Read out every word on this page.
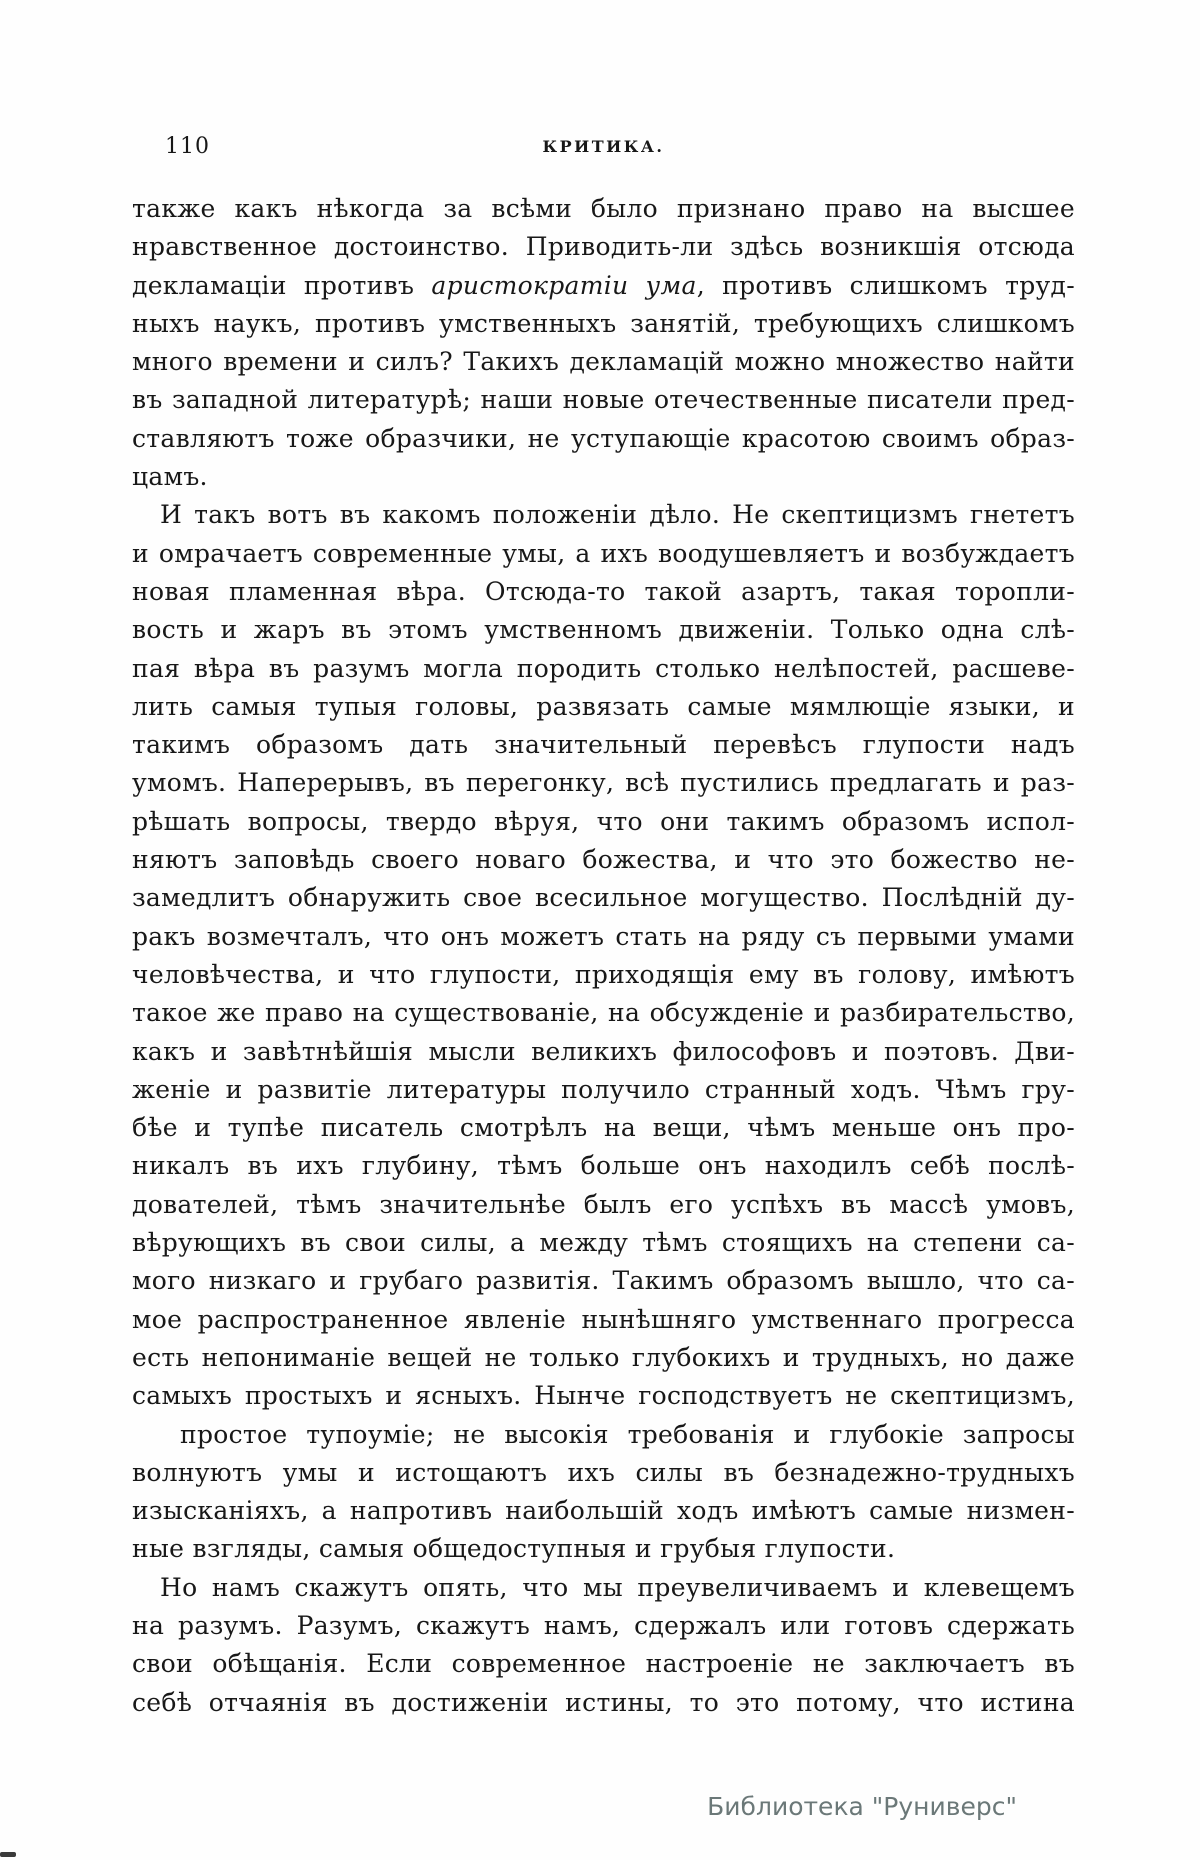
110	КРИТИКА.
также какъ нѣкогда за всѣми было признано право на высшее
нравственное достоинство. Приводить-ли здѣсь возникшія отсюда
декламаціи противъ аристократіи ума, противъ слишкомъ труд-
ныхъ наукъ, противъ умственныхъ занятій, требующихъ слишкомъ
много времени и силъ? Такихъ декламацій можно множество найти
въ западной литературѣ; наши новые отечественные писатели пред-
ставляютъ тоже образчики, не уступающіе красотою своимъ образ-
цамъ.
И такъ вотъ въ какомъ положеніи дѣло. Не скептицизмъ гнететъ
и омрачаетъ современные умы, а ихъ воодушевляетъ и возбуждаетъ
новая пламенная вѣра. Отсюда-то такой азартъ, такая торопли-
вость и жаръ въ этомъ умственномъ движеніи. Только одна слѣ-
пая вѣра въ разумъ могла породить столько нелѣпостей, расшеве-
лить самыя тупыя головы, развязать самые мямлющіе языки, и
такимъ образомъ дать значительный перевѣсъ глупости надъ
умомъ. Наперерывъ, въ перегонку, всѣ пустились предлагать и раз-
рѣшать вопросы, твердо вѣруя, что они такимъ образомъ испол-
няютъ заповѣдь своего новаго божества, и что это божество не-
замедлитъ обнаружить свое всесильное могущество. Послѣдній ду-
ракъ возмечталъ, что онъ можетъ стать на ряду съ первыми умами
человѣчества, и что глупости, приходящія ему въ голову, имѣютъ
такое же право на существованіе, на обсужденіе и разбирательство,
какъ и завѣтнѣйшія мысли великихъ философовъ и поэтовъ. Дви-
женіе и развитіе литературы получило странный ходъ. Чѣмъ гру-
бѣе и тупѣе писатель смотрѣлъ на вещи, чѣмъ меньше онъ про-
никалъ въ ихъ глубину, тѣмъ больше онъ находилъ себѣ послѣ-
дователей, тѣмъ значительнѣе былъ его успѣхъ въ массѣ умовъ,
вѣрующихъ въ свои силы, а между тѣмъ стоящихъ на степени са-
мого низкаго и грубаго развитія. Такимъ образомъ вышло, что са-
мое распространенное явленіе нынѣшняго умственнаго прогресса
есть непониманіе вещей не только глубокихъ и трудныхъ, но даже
самыхъ простыхъ и ясныхъ. Нынче господствуетъ не скептицизмъ,
простое тупоуміе; не высокія требованія и глубокіе запросы
волнуютъ умы и истощаютъ ихъ силы въ безнадежно-трудныхъ
изысканіяхъ, а напротивъ наибольшій ходъ имѣютъ самые низмен-
ные взгляды, самыя общедоступныя и грубыя глупости.
Но намъ скажутъ опять, что мы преувеличиваемъ и клевещемъ
на разумъ. Разумъ, скажутъ намъ, сдержалъ или готовъ сдержать
свои обѣщанія. Если современное настроеніе не заключаетъ въ
себѣ отчаянія въ достиженіи истины, то это потому, что истина
Библиотека "Руниверс"
